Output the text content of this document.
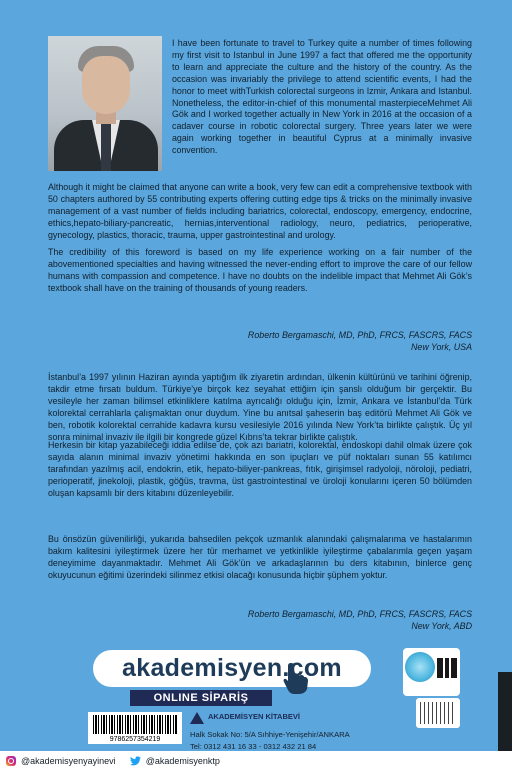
I have been fortunate to travel to Turkey quite a number of times following my first visit to Istanbul in June 1997 a fact that offered me the opportunity to learn and appreciate the culture and the history of the country. As the occasion was invariably the privilege to attend scientific events, I had the honor to meet withTurkish colorectal surgeons in Izmir, Ankara and Istanbul. Nonetheless, the editor-in-chief of this monumental masterpieceMehmet Ali Gök and I worked together actually in New York in 2016 at the occasion of a cadaver course in robotic colorectal surgery. Three years later we were again working together in beautiful Cyprus at a minimally invasive convention.

Although it might be claimed that anyone can write a book, very few can edit a comprehensive textbook with 50 chapters authored by 55 contributing experts offering cutting edge tips & tricks on the minimally invasive management of a vast number of fields including bariatrics, colorectal, endoscopy, emergency, endocrine, ethics,hepato-biliary-pancreatic, hernias,interventional radiology, neuro, pediatrics, perioperative, gynecology, plastics, thoracic, trauma, upper gastrointestinal and urology.

The credibility of this foreword is based on my life experience working on a fair number of the abovementioned specialties and having witnessed the never-ending effort to improve the care of our fellow humans with compassion and competence. I have no doubts on the indelible impact that Mehmet Ali Gök’s textbook shall have on the training of thousands of young readers.

Roberto Bergamaschi, MD, PhD, FRCS, FASCRS, FACS
New York, USA

İstanbul’a 1997 yılının Haziran ayında yaptığım ilk ziyaretin ardından, ülkenin kültürünü ve tarihini öğrenip, takdir etme fırsatı buldum. Türkiye’ye birçok kez seyahat ettiğim için şanslı olduğum bir gerçektir. Bu vesileyle her zaman bilimsel etkinliklere katılma ayrıcalığı olduğu için, İzmir, Ankara ve İstanbul’da Türk kolorektal cerrahlarla çalışmaktan onur duydum. Yine bu anıtsal şaheserin baş editörü Mehmet Ali Gök ve ben, robotik kolorektal cerrahide kadavra kursu vesilesiyle 2016 yılında New York’ta birlikte çalıştık. Üç yıl sonra minimal invaziv ile ilgili bir kongrede güzel Kıbrıs’ta tekrar birlikte çalıştık.

Herkesin bir kitap yazabileceği iddia edilse de, çok azı bariatri, kolorektal, endoskopi dahil olmak üzere çok sayıda alanın minimal invaziv yönetimi hakkında en son ipuçları ve püf noktaları sunan 55 katılımcı tarafından yazılmış acil, endokrin, etik, hepato-biliyer-pankreas, fıtık, girişimsel radyoloji, nöroloji, pediatri, perioperatif, jinekoloji, plastik, göğüs, travma, üst gastrointestinal ve üroloji konularını içeren 50 bölümden oluşan kapsamlı bir ders kitabını düzenleyebilir.

Bu önsözün güvenilirliği, yukarıda bahsedilen pekçok uzmanlık alanındaki çalışmalarıma ve hastalarımın bakım kalitesini iyileştirmek üzere her tür merhamet ve yetkinlikle iyileştirme çabalarımla geçen yaşam deneyimime dayanmaktadır. Mehmet Ali Gök’ün ve arkadaşlarının bu ders kitabının, binlerce genç okuyucunun eğitimi üzerindeki silinmez etkisi olacağı konusunda hiçbir şüphem yoktur.

Roberto Bergamaschi, MD, PhD, FRCS, FASCRS, FACS
New York, ABD
akademisyen.com
ONLINE SİPARİŞ
9786257354219
AKADEMİSYEN KİTABEVİ
Halk Sokak No: 5/A Sıhhiye-Yenişehir/ANKARA
Tel: 0312 431 16 33 - 0312 432 21 84
@akademisyenyayinevi	@akademisyenktp
